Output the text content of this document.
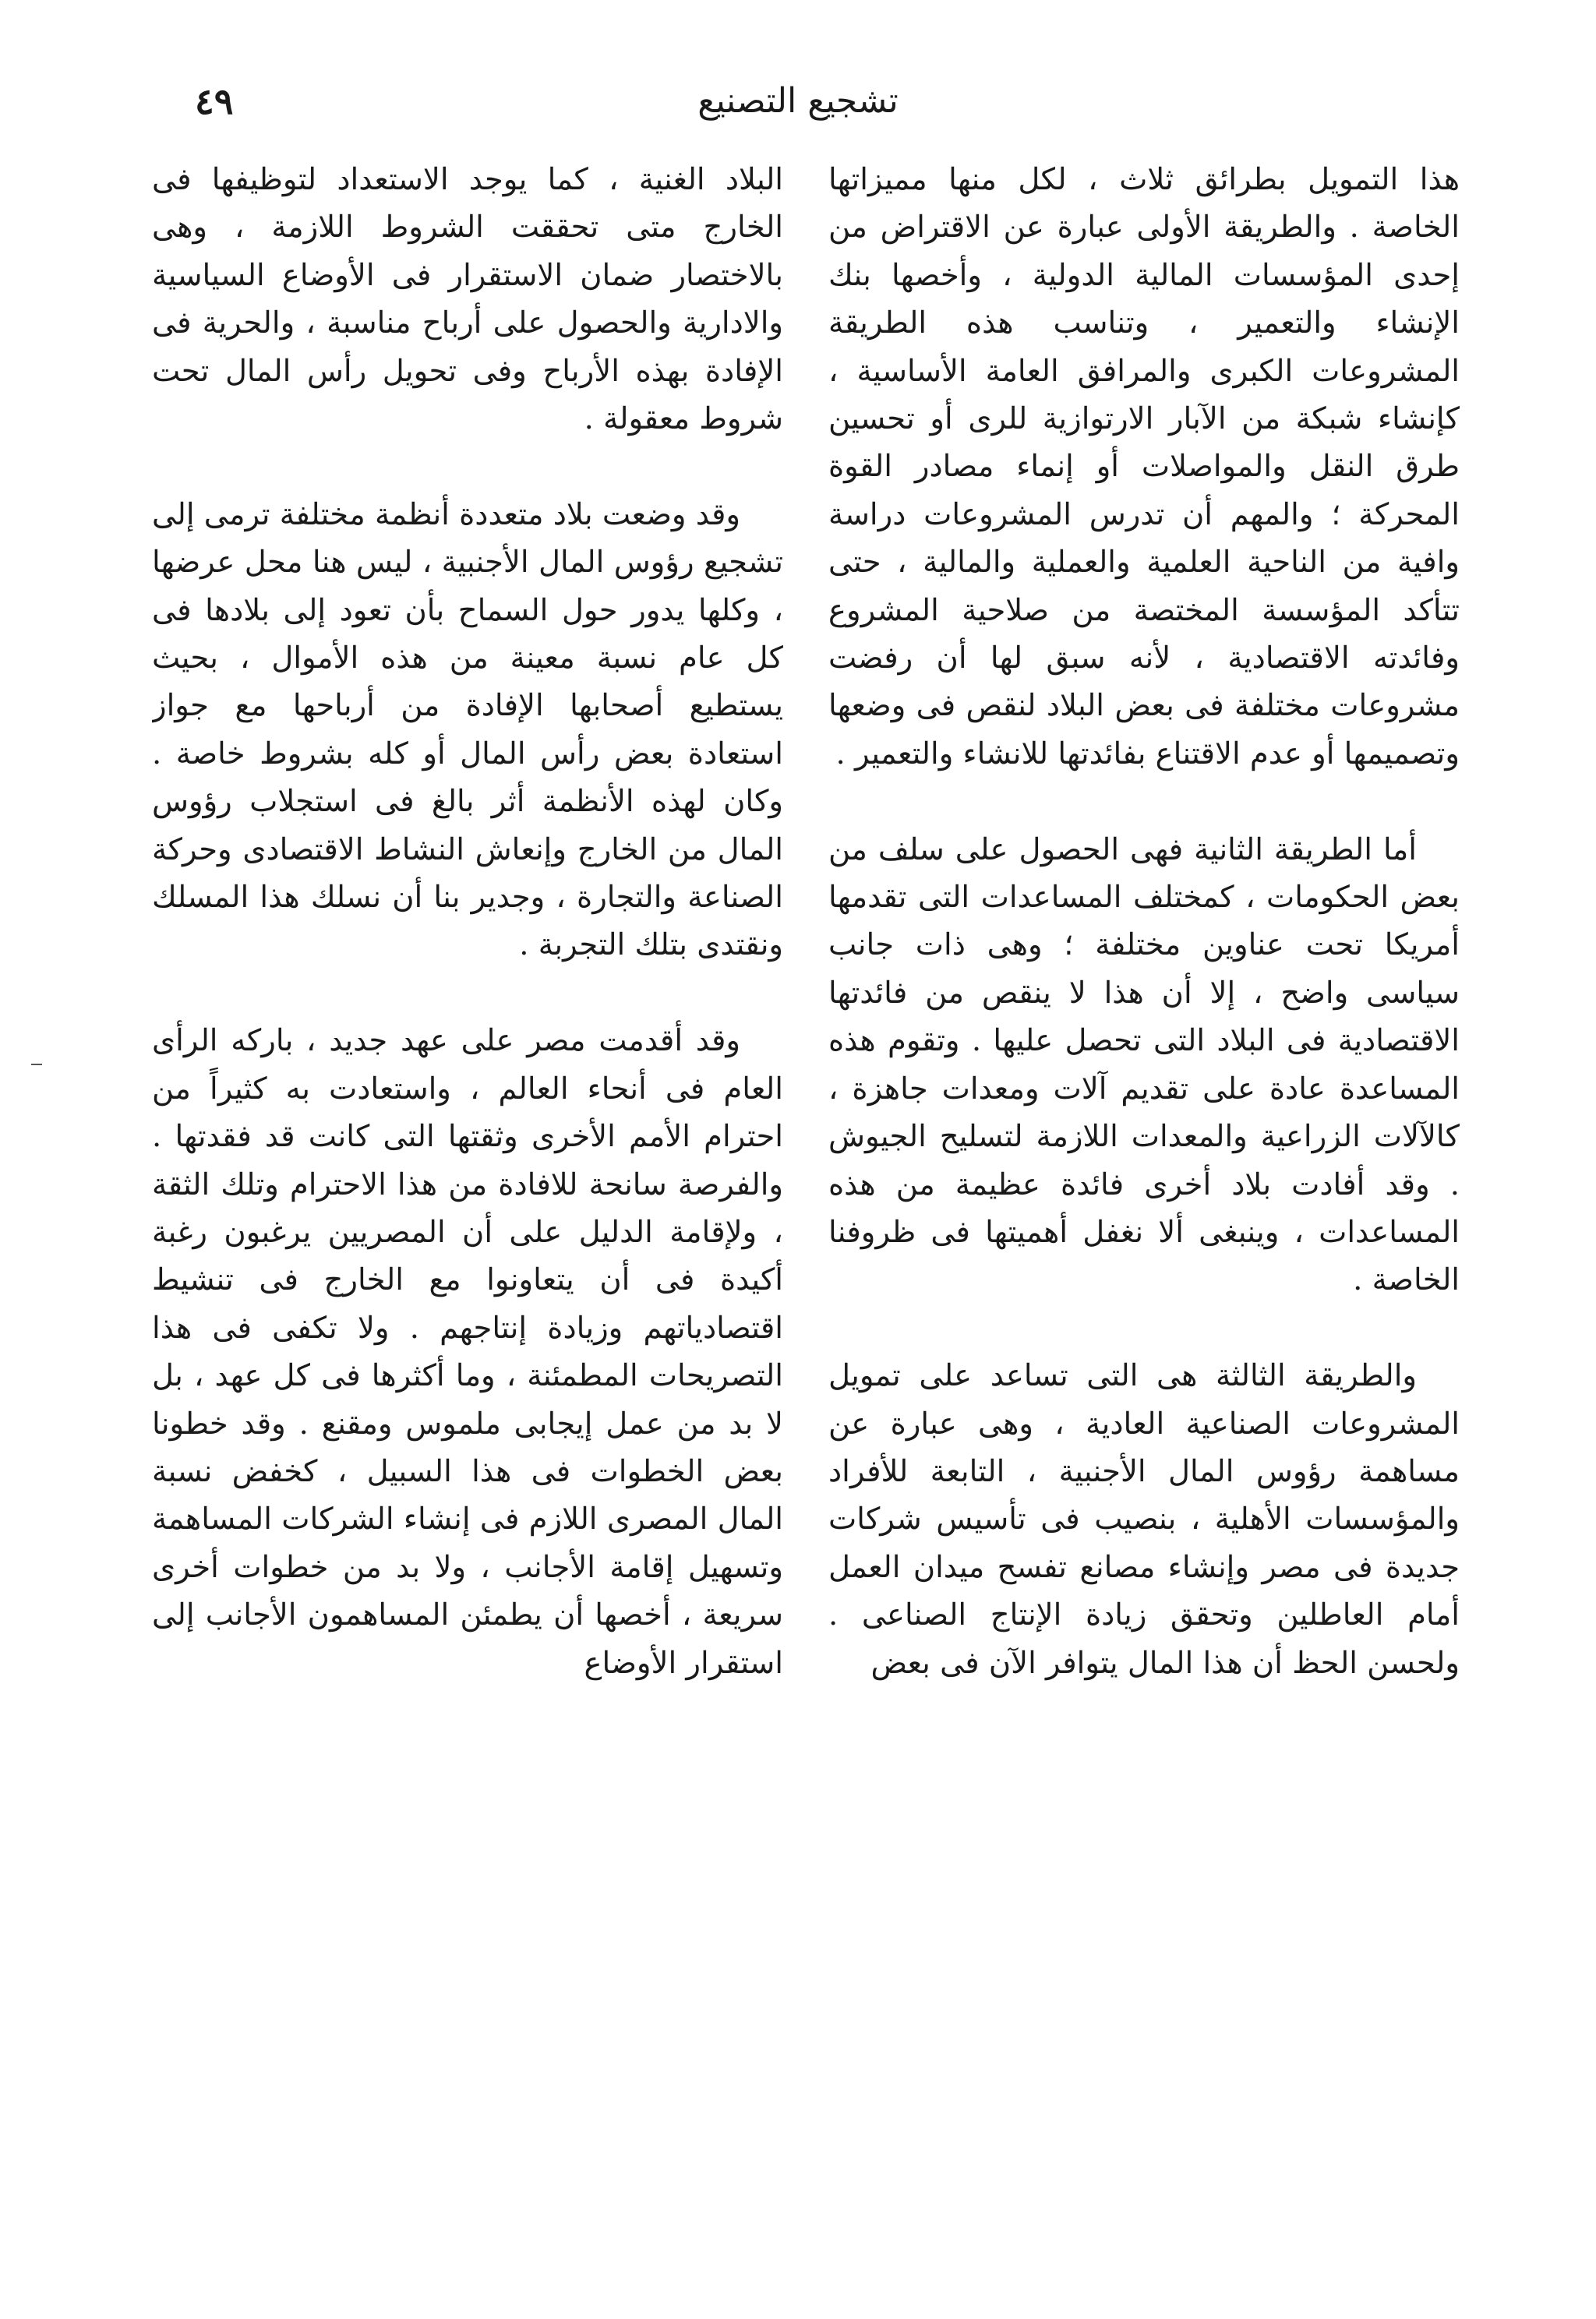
تشجيع التصنيع
٤٩

هذا التمويل بطرائق ثلاث ، لكل منها مميزاتها الخاصة . والطريقة الأولى عبارة عن الاقتراض من إحدى المؤسسات المالية الدولية ، وأخصها بنك الإنشاء والتعمير ، وتناسب هذه الطريقة المشروعات الكبرى والمرافق العامة الأساسية ، كإنشاء شبكة من الآبار الارتوازية للرى أو تحسين طرق النقل والمواصلات أو إنماء مصادر القوة المحركة ؛ والمهم أن تدرس المشروعات دراسة وافية من الناحية العلمية والعملية والمالية ، حتى تتأكد المؤسسة المختصة من صلاحية المشروع وفائدته الاقتصادية ، لأنه سبق لها أن رفضت مشروعات مختلفة فى بعض البلاد لنقص فى وضعها وتصميمها أو عدم الاقتناع بفائدتها للانشاء والتعمير .

أما الطريقة الثانية فهى الحصول على سلف من بعض الحكومات ، كمختلف المساعدات التى تقدمها أمريكا تحت عناوين مختلفة ؛ وهى ذات جانب سياسى واضح ، إلا أن هذا لا ينقص من فائدتها الاقتصادية فى البلاد التى تحصل عليها . وتقوم هذه المساعدة عادة على تقديم آلات ومعدات جاهزة ، كالآلات الزراعية والمعدات اللازمة لتسليح الجيوش . وقد أفادت بلاد أخرى فائدة عظيمة من هذه المساعدات ، وينبغى ألا نغفل أهميتها فى ظروفنا الخاصة .

والطريقة الثالثة هى التى تساعد على تمويل المشروعات الصناعية العادية ، وهى عبارة عن مساهمة رؤوس المال الأجنبية ، التابعة للأفراد والمؤسسات الأهلية ، بنصيب فى تأسيس شركات جديدة فى مصر وإنشاء مصانع تفسح ميدان العمل أمام العاطلين وتحقق زيادة الإنتاج الصناعى . ولحسن الحظ أن هذا المال يتوافر الآن فى بعض

البلاد الغنية ، كما يوجد الاستعداد لتوظيفها فى الخارج متى تحققت الشروط اللازمة ، وهى بالاختصار ضمان الاستقرار فى الأوضاع السياسية والادارية والحصول على أرباح مناسبة ، والحرية فى الإفادة بهذه الأرباح وفى تحويل رأس المال تحت شروط معقولة .

وقد وضعت بلاد متعددة أنظمة مختلفة ترمى إلى تشجيع رؤوس المال الأجنبية ، ليس هنا محل عرضها ، وكلها يدور حول السماح بأن تعود إلى بلادها فى كل عام نسبة معينة من هذه الأموال ، بحيث يستطيع أصحابها الإفادة من أرباحها مع جواز استعادة بعض رأس المال أو كله بشروط خاصة . وكان لهذه الأنظمة أثر بالغ فى استجلاب رؤوس المال من الخارج وإنعاش النشاط الاقتصادى وحركة الصناعة والتجارة ، وجدير بنا أن نسلك هذا المسلك ونقتدى بتلك التجربة .

وقد أقدمت مصر على عهد جديد ، باركه الرأى العام فى أنحاء العالم ، واستعادت به كثيراً من احترام الأمم الأخرى وثقتها التى كانت قد فقدتها . والفرصة سانحة للافادة من هذا الاحترام وتلك الثقة ، ولإقامة الدليل على أن المصريين يرغبون رغبة أكيدة فى أن يتعاونوا مع الخارج فى تنشيط اقتصادياتهم وزيادة إنتاجهم . ولا تكفى فى هذا التصريحات المطمئنة ، وما أكثرها فى كل عهد ، بل لا بد من عمل إيجابى ملموس ومقنع . وقد خطونا بعض الخطوات فى هذا السبيل ، كخفض نسبة المال المصرى اللازم فى إنشاء الشركات المساهمة وتسهيل إقامة الأجانب ، ولا بد من خطوات أخرى سريعة ، أخصها أن يطمئن المساهمون الأجانب إلى استقرار الأوضاع
